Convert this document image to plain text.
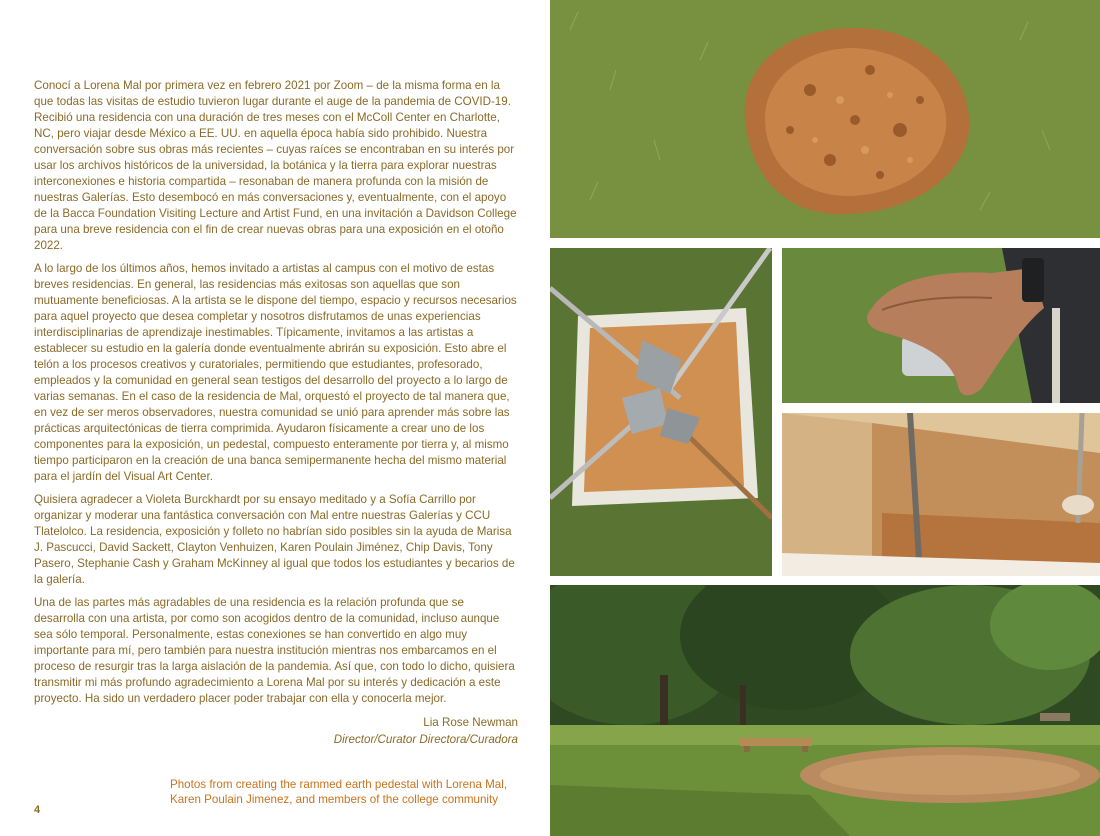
Conocí a Lorena Mal por primera vez en febrero 2021 por Zoom – de la misma forma en la que todas las visitas de estudio tuvieron lugar durante el auge de la pandemia de COVID-19. Recibió una residencia con una duración de tres meses con el McColl Center en Charlotte, NC, pero viajar desde México a EE. UU. en aquella época había sido prohibido. Nuestra conversación sobre sus obras más recientes – cuyas raíces se encontraban en su interés por usar los archivos históricos de la universidad, la botánica y la tierra para explorar nuestras interconexiones e historia compartida – resonaban de manera profunda con la misión de nuestras Galerías. Esto desembocó en más conversaciones y, eventualmente, con el apoyo de la Bacca Foundation Visiting Lecture and Artist Fund, en una invitación a Davidson College para una breve residencia con el fin de crear nuevas obras para una exposición en el otoño 2022.

A lo largo de los últimos años, hemos invitado a artistas al campus con el motivo de estas breves residencias. En general, las residencias más exitosas son aquellas que son mutuamente beneficiosas. A la artista se le dispone del tiempo, espacio y recursos necesarios para aquel proyecto que desea completar y nosotros disfrutamos de unas experiencias interdisciplinarias de aprendizaje inestimables. Típicamente, invitamos a las artistas a establecer su estudio en la galería donde eventualmente abrirán su exposición. Esto abre el telón a los procesos creativos y curatoriales, permitiendo que estudiantes, profesorado, empleados y la comunidad en general sean testigos del desarrollo del proyecto a lo largo de varias semanas. En el caso de la residencia de Mal, orquestó el proyecto de tal manera que, en vez de ser meros observadores, nuestra comunidad se unió para aprender más sobre las prácticas arquitectónicas de tierra comprimida. Ayudaron físicamente a crear uno de los componentes para la exposición, un pedestal, compuesto enteramente por tierra y, al mismo tiempo participaron en la creación de una banca semipermanente hecha del mismo material para el jardín del Visual Art Center.

Quisiera agradecer a Violeta Burckhardt por su ensayo meditado y a Sofía Carrillo por organizar y moderar una fantástica conversación con Mal entre nuestras Galerías y CCU Tlatelolco. La residencia, exposición y folleto no habrían sido posibles sin la ayuda de Marisa J. Pascucci, David Sackett, Clayton Venhuizen, Karen Poulain Jiménez, Chip Davis, Tony Pasero, Stephanie Cash y Graham McKinney al igual que todos los estudiantes y becarios de la galería.

Una de las partes más agradables de una residencia es la relación profunda que se desarrolla con una artista, por como son acogidos dentro de la comunidad, incluso aunque sea sólo temporal. Personalmente, estas conexiones se han convertido en algo muy importante para mí, pero también para nuestra institución mientras nos embarcamos en el proceso de resurgir tras la larga aislación de la pandemia. Así que, con todo lo dicho, quisiera transmitir mi más profundo agradecimiento a Lorena Mal por su interés y dedicación a este proyecto. Ha sido un verdadero placer poder trabajar con ella y conocerla mejor.

Lia Rose Newman
Director/Curator Directora/Curadora
Photos from creating the rammed earth pedestal with Lorena Mal, Karen Poulain Jimenez, and members of the college community
4
